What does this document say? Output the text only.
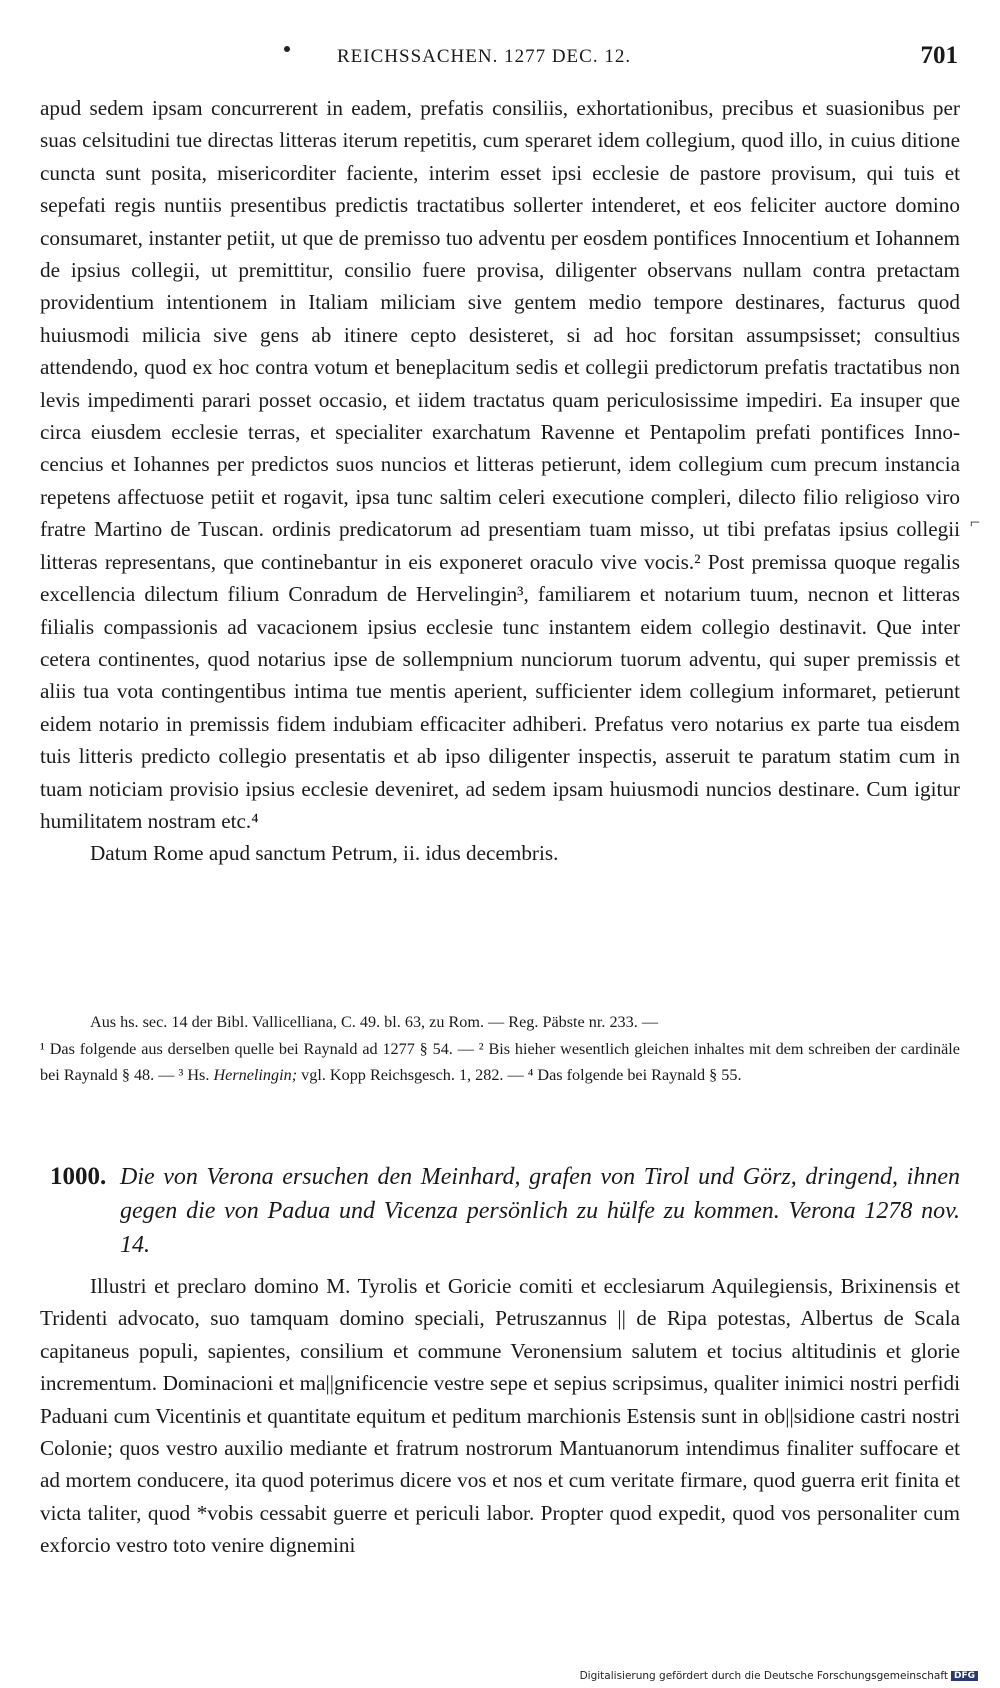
REICHSSACHEN. 1277 DEC. 12.	701

apud sedem ipsam concurrerent in eadem, prefatis consiliis, exhortationibus, precibus et suasionibus per suas celsitudini tue directas litteras iterum repetitis, cum speraret idem collegium, quod illo, in cuius ditione cuncta sunt posita, misericorditer faciente, interim esset ipsi ecclesie de pastore provisum, qui tuis et sepefati regis nuntiis presentibus predictis tractatibus sollerter intenderet, et eos feliciter auctore domino consumaret, instanter petiit, ut que de premisso tuo adventu per eosdem pontifices Innocentium et Iohannem de ipsius collegii, ut premittitur, consilio fuere provisa, diligenter observans nullam contra pretactam providentium intentionem in Italiam miliciam sive gentem medio tempore destinares, facturus quod huiusmodi milicia sive gens ab itinere cepto desisteret, si ad hoc forsitan assumpsisset; consultius attendendo, quod ex hoc contra votum et beneplacitum sedis et collegii predictorum prefatis tractatibus non levis impedimenti parari posset occasio, et iidem tractatus quam periculosissime impediri. Ea insuper que circa eiusdem ecclesie terras, et specialiter exarchatum Ravenne et Pentapolim prefati pontifices Innocencius et Iohannes per predictos suos nuncios et litteras petierunt, idem collegium cum precum instancia repetens affectuose petiit et rogavit, ipsa tunc saltim celeri executione compleri, dilecto filio religioso viro fratre Martino de Tuscan. ordinis predicatorum ad presentiam tuam misso, ut tibi prefatas ipsius collegii litteras representans, que continebantur in eis exponeret oraculo vive vocis.² Post premissa quoque regalis excellencia dilectum filium Conradum de Hervelingin³, familiarem et notarium tuum, necnon et litteras filialis compassionis ad vacacionem ipsius ecclesie tunc instantem eidem collegio destinavit. Que inter cetera continentes, quod notarius ipse de sollempnium nunciorum tuorum adventu, qui super premissis et aliis tua vota contingentibus intima tue mentis aperient, sufficienter idem collegium informaret, petierunt eidem notario in premissis fidem indubiam efficaciter adhiberi. Prefatus vero notarius ex parte tua eisdem tuis litteris predicto collegio presentatis et ab ipso diligenter inspectis, asseruit te paratum statim cum in tuam noticiam provisio ipsius ecclesie deveniret, ad sedem ipsam huiusmodi nuncios destinare. Cum igitur humilitatem nostram etc.⁴

Datum Rome apud sanctum Petrum, ii. idus decembris.

Aus hs. sec. 14 der Bibl. Vallicelliana, C. 49. bl. 63, zu Rom. — Reg. Päbste nr. 233. —

¹ Das folgende aus derselben quelle bei Raynald ad 1277 § 54. — ² Bis hieher wesentlich gleichen inhaltes mit dem schreiben der cardinäle bei Raynald § 48. — ³ Hs. Hernelingin; vgl. Kopp Reichsgesch. 1, 282. — ⁴ Das folgende bei Raynald § 55.

1000. Die von Verona ersuchen den Meinhard, grafen von Tirol und Görz, dringend, ihnen gegen die von Padua und Vicenza persönlich zu hülfe zu kommen. Verona 1278 nov. 14.

Illustri et preclaro domino M. Tyrolis et Goricie comiti et ecclesiarum Aquilegiensis, Brixinensis et Tridenti advocato, suo tamquam domino speciali, Petruszannus || de Ripa potestas, Albertus de Scala capitaneus populi, sapientes, consilium et commune Veronensium salutem et tocius altitudinis et glorie incrementum. Dominacioni et ma||gnificencie vestre sepe et sepius scripsimus, qualiter inimici nostri perfidi Paduani cum Vicentinis et quantitate equitum et peditum marchionis Estensis sunt in ob||sidione castri nostri Colonie; quos vestro auxilio mediante et fratrum nostrorum Mantuanorum intendimus finaliter suffocare et ad mortem conducere, ita quod poterimus dicere vos et nos et cum veritate firmare, quod guerra erit finita et victa taliter, quod *vobis cessabit guerre et periculi labor. Propter quod expedit, quod vos personaliter cum exforcio vestro toto venire dignemini

⌐
Digitalisierung gefördert durch die Deutsche Forschungsgemeinschaft DFG
